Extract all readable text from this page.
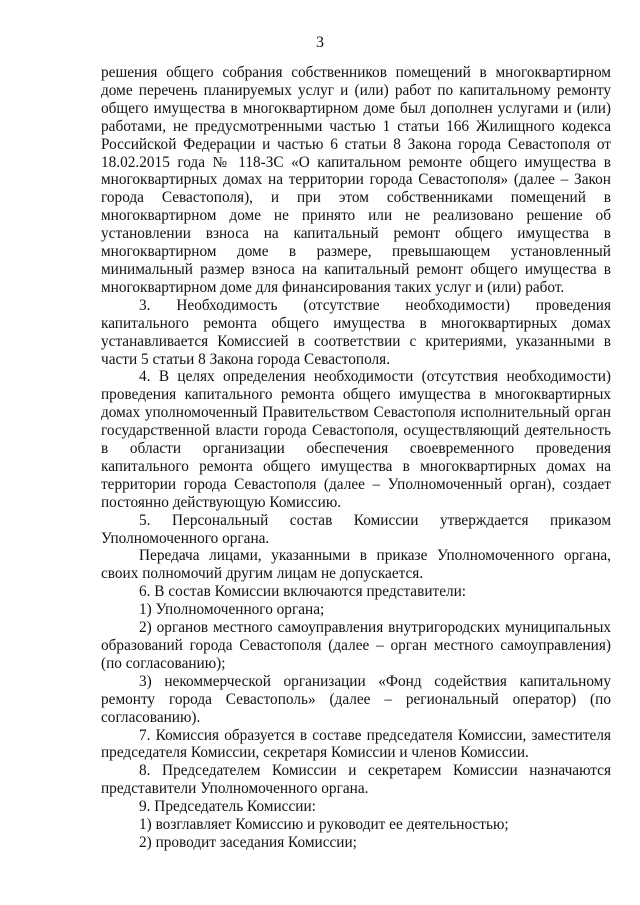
3

решения общего собрания собственников помещений в многоквартирном доме перечень планируемых услуг и (или) работ по капитальному ремонту общего имущества в многоквартирном доме был дополнен услугами и (или) работами, не предусмотренными частью 1 статьи 166 Жилищного кодекса Российской Федерации и частью 6 статьи 8 Закона города Севастополя от 18.02.2015 года № 118-ЗС «О капитальном ремонте общего имущества в многоквартирных домах на территории города Севастополя» (далее – Закон города Севастополя), и при этом собственниками помещений в многоквартирном доме не принято или не реализовано решение об установлении взноса на капитальный ремонт общего имущества в многоквартирном доме в размере, превышающем установленный минимальный размер взноса на капитальный ремонт общего имущества в многоквартирном доме для финансирования таких услуг и (или) работ.

3. Необходимость (отсутствие необходимости) проведения капитального ремонта общего имущества в многоквартирных домах устанавливается Комиссией в соответствии с критериями, указанными в части 5 статьи 8 Закона города Севастополя.

4. В целях определения необходимости (отсутствия необходимости) проведения капитального ремонта общего имущества в многоквартирных домах уполномоченный Правительством Севастополя исполнительный орган государственной власти города Севастополя, осуществляющий деятельность в области организации обеспечения своевременного проведения капитального ремонта общего имущества в многоквартирных домах на территории города Севастополя (далее – Уполномоченный орган), создает постоянно действующую Комиссию.

5. Персональный состав Комиссии утверждается приказом Уполномоченного органа.

Передача лицами, указанными в приказе Уполномоченного органа, своих полномочий другим лицам не допускается.

6. В состав Комиссии включаются представители:

1) Уполномоченного органа;

2) органов местного самоуправления внутригородских муниципальных образований города Севастополя (далее – орган местного самоуправления) (по согласованию);

3) некоммерческой организации «Фонд содействия капитальному ремонту города Севастополь» (далее – региональный оператор) (по согласованию).

7. Комиссия образуется в составе председателя Комиссии, заместителя председателя Комиссии, секретаря Комиссии и членов Комиссии.

8. Председателем Комиссии и секретарем Комиссии назначаются представители Уполномоченного органа.

9. Председатель Комиссии:

1) возглавляет Комиссию и руководит ее деятельностью;

2) проводит заседания Комиссии;
